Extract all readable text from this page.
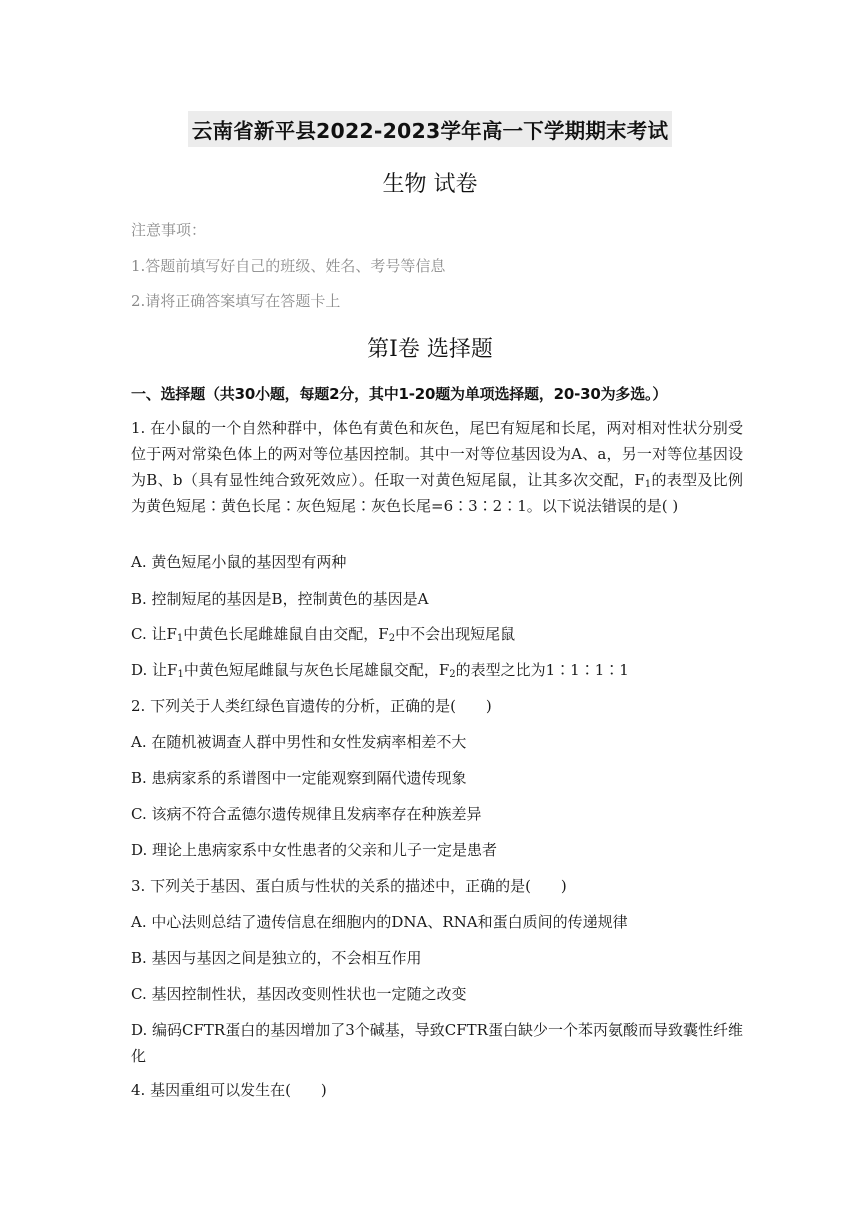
云南省新平县2022-2023学年高一下学期期末考试
生物 试卷
注意事项：
1.答题前填写好自己的班级、姓名、考号等信息
2.请将正确答案填写在答题卡上
第Ⅰ卷 选择题
一、选择题（共30小题，每题2分，其中1-20题为单项选择题，20-30为多选。）
1. 在小鼠的一个自然种群中，体色有黄色和灰色，尾巴有短尾和长尾，两对相对性状分别受位于两对常染色体上的两对等位基因控制。其中一对等位基因设为A、a，另一对等位基因设为B、b（具有显性纯合致死效应）。任取一对黄色短尾鼠，让其多次交配，$F_1$的表型及比例为黄色短尾∶黄色长尾∶灰色短尾∶灰色长尾=6∶3∶2∶1。以下说法错误的是( )
A. 黄色短尾小鼠的基因型有两种
B. 控制短尾的基因是B，控制黄色的基因是A
C. 让$F_1$中黄色长尾雌雄鼠自由交配，$F_2$中不会出现短尾鼠
D. 让$F_1$中黄色短尾雌鼠与灰色长尾雄鼠交配，$F_2$的表型之比为1∶1∶1∶1
2. 下列关于人类红绿色盲遗传的分析，正确的是(　　)
A. 在随机被调查人群中男性和女性发病率相差不大
B. 患病家系的系谱图中一定能观察到隔代遗传现象
C. 该病不符合孟德尔遗传规律且发病率存在种族差异
D. 理论上患病家系中女性患者的父亲和儿子一定是患者
3. 下列关于基因、蛋白质与性状的关系的描述中，正确的是(　　)
A. 中心法则总结了遗传信息在细胞内的DNA、RNA和蛋白质间的传递规律
B. 基因与基因之间是独立的，不会相互作用
C. 基因控制性状，基因改变则性状也一定随之改变
D. 编码CFTR蛋白的基因增加了3个碱基，导致CFTR蛋白缺少一个苯丙氨酸而导致囊性纤维化
4. 基因重组可以发生在(　　)
